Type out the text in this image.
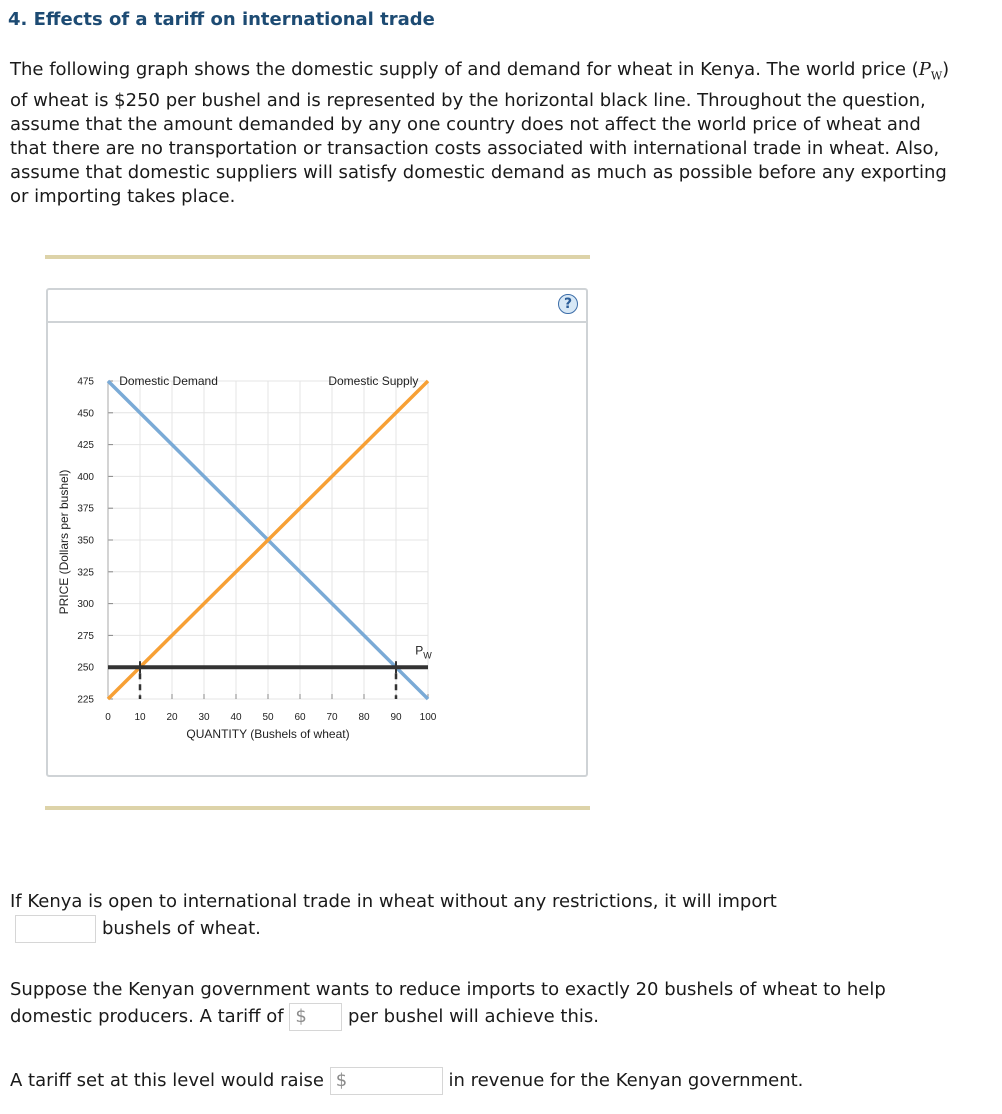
4. Effects of a tariff on international trade

The following graph shows the domestic supply of and demand for wheat in Kenya. The world price $(P_W)$ of wheat is $250 per bushel and is represented by the horizontal black line. Throughout the question, assume that the amount demanded by any one country does not affect the world price of wheat and that there are no transportation or transaction costs associated with international trade in wheat. Also, assume that domestic suppliers will satisfy domestic demand as much as possible before any exporting or importing takes place.

?
225
250
275
300
325
350
375
400
425
450
475
0 10 20 30 40 50 60 70 80 90 100
Domestic Demand	Domestic Supply
$P_W$
QUANTITY (Bushels of wheat)
PRICE (Dollars per bushel)
If Kenya is open to international trade in wheat without any restrictions, it will import
bushels of wheat.
Suppose the Kenyan government wants to reduce imports to exactly 20 bushels of wheat to help domestic producers. A tariff of $ per bushel will achieve this.
A tariff set at this level would raise $	in revenue for the Kenyan government.
